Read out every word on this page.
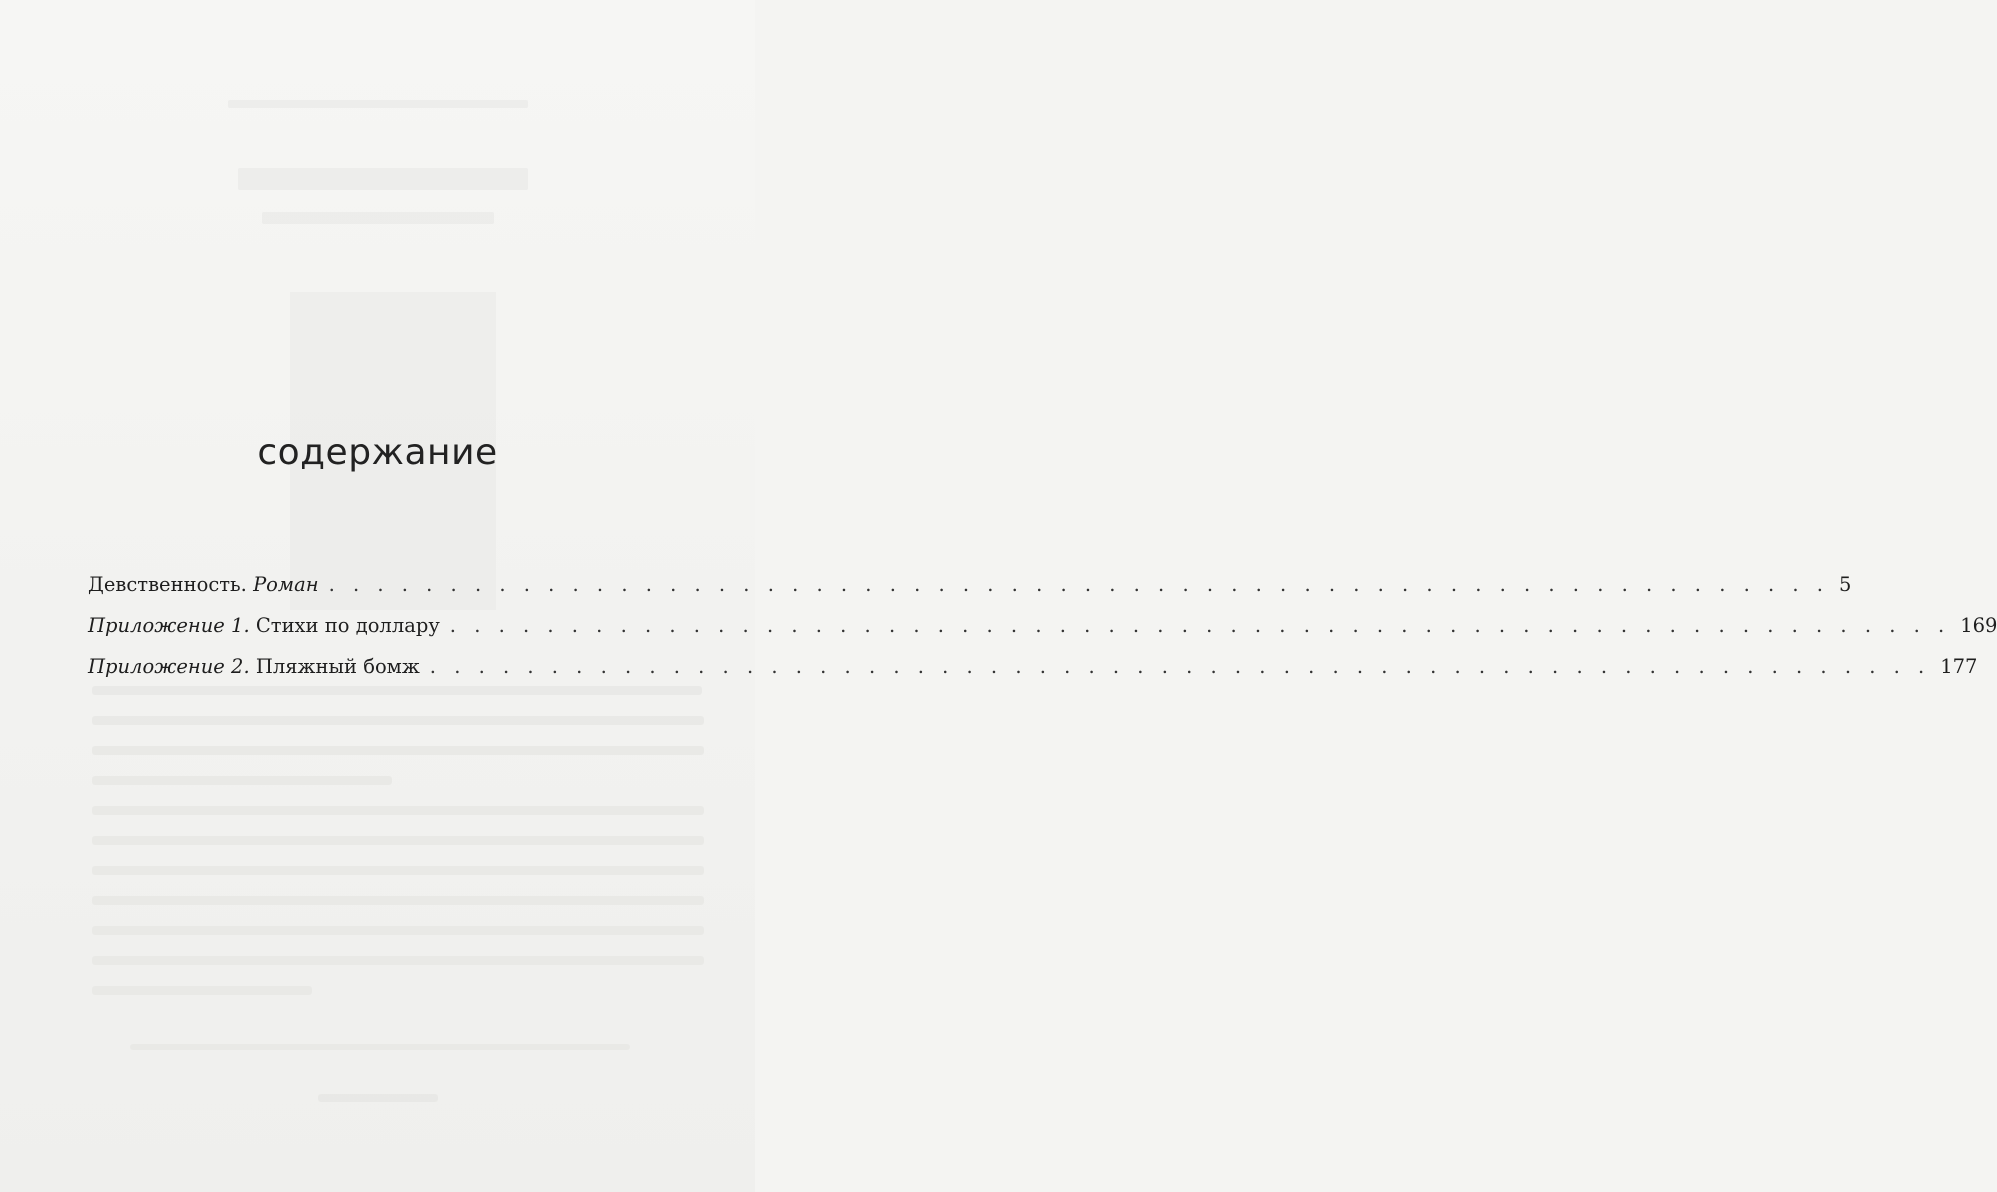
содержание
Девственность. Роман . . . . . . . . . . . . . . . . . . . . . . . . . . . . . . . . . . . . . . . . . . . . . . . . . . . . . . . . . . . . . . 5
Приложение 1. Стихи по доллару . . . . . . . . . . . . . . . . . . . . . . . . . . . . . . . . . . . . . . . . . . . . . . . . . . . . . . . . . . . . . . 169
Приложение 2. Пляжный бомж . . . . . . . . . . . . . . . . . . . . . . . . . . . . . . . . . . . . . . . . . . . . . . . . . . . . . . . . . . . . . . 177
